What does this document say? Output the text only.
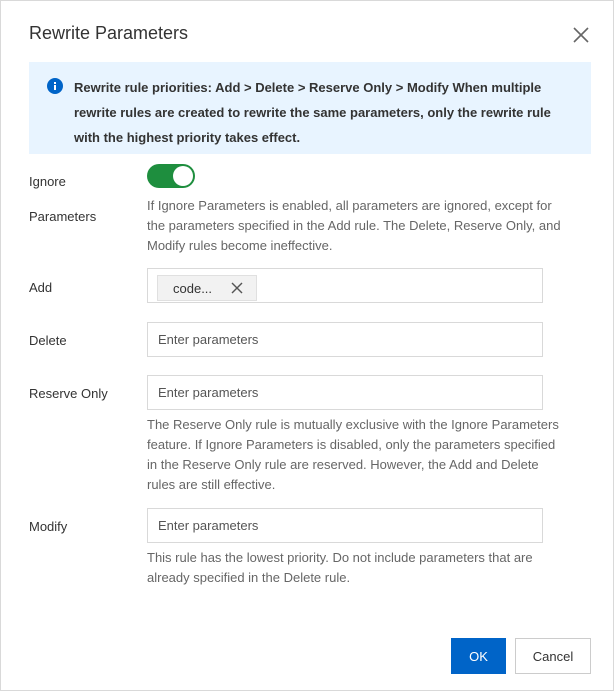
Rewrite Parameters
Rewrite rule priorities: Add > Delete > Reserve Only > Modify When multiple rewrite rules are created to rewrite the same parameters, only the rewrite rule with the highest priority takes effect.
Ignore
Parameters
If Ignore Parameters is enabled, all parameters are ignored, except for the parameters specified in the Add rule. The Delete, Reserve Only, and Modify rules become ineffective.
Add	code...
Delete
Enter parameters
Reserve Only
Enter parameters
The Reserve Only rule is mutually exclusive with the Ignore Parameters feature. If Ignore Parameters is disabled, only the parameters specified in the Reserve Only rule are reserved. However, the Add and Delete rules are still effective.
Modify
Enter parameters
This rule has the lowest priority. Do not include parameters that are already specified in the Delete rule.
OK	Cancel
